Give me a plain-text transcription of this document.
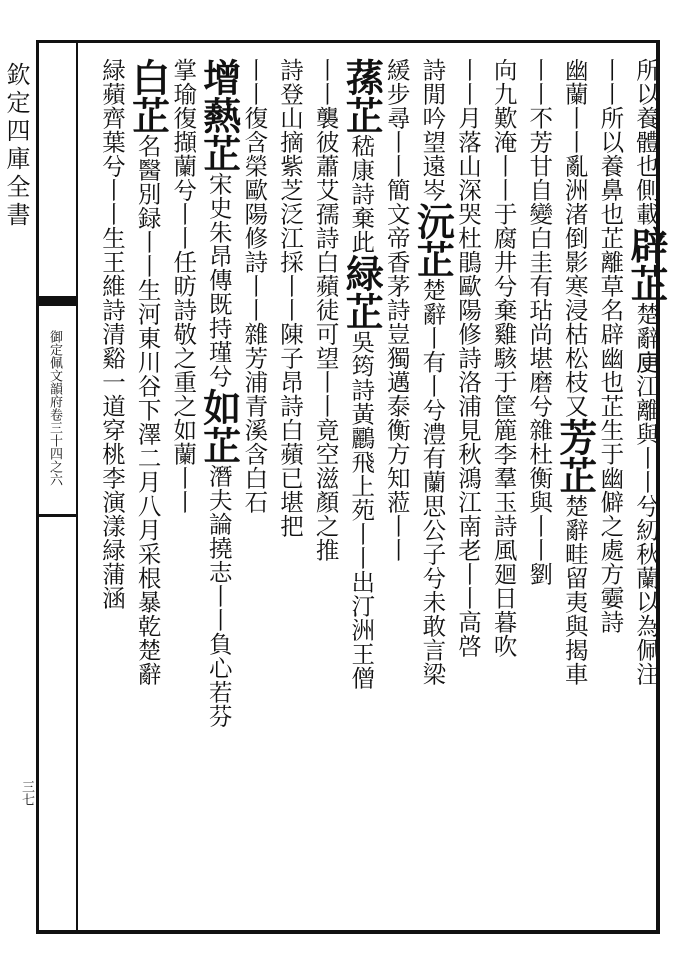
欽定四庫全書
御定佩文韻府卷三十四之六
三七
所以養體也側載辟芷楚辭𢈔江離與丨丨兮紉秋蘭以為佩注
丨丨所以養鼻也芷離草名辟幽也芷生于幽僻之處方孁詩
幽蘭丨丨亂洲渚倒影寒浸枯松枝又芳芷楚辭畦留夷與揭車
丨丨不芳甘自變白圭有玷尚堪磨兮雜杜衡與丨丨劉
向九歎淹丨丨于腐井兮棄雞駭于筐簏李羣玉詩風廻日暮吹
丨丨月落山深哭杜鵑歐陽修詩洛浦見秋鴻江南老丨丨高啓
詩閒吟望遠岑沅芷楚辭丨有丨兮澧有蘭思公子兮未敢言梁
緩步尋丨丨簡文帝香茅詩豈獨邁泰衡方知蒞丨丨
蓀芷嵇康詩棄此緑芷吳筠詩黃鸝飛上苑丨丨出汀洲王僧
丨丨襲彼蕭艾孺詩白蘋徒可望丨丨竟空滋顏之推
詩登山摘紫芝泛江採丨丨陳子昂詩白蘋已堪把
丨丨復含榮歐陽修詩丨丨雜芳浦青溪含白石
增爇芷宋史朱昂傳既持瑾兮如芷潛夫論撓志丨丨負心若芬
掌瑜復擷蘭兮丨丨任昉詩敬之重之如蘭丨丨
白芷名醫別録丨丨生河東川谷下澤二月八月采根暴乾楚辭
緑蘋齊葉兮丨丨生王維詩清谿一道穿桃李演漾緑蒲涵
